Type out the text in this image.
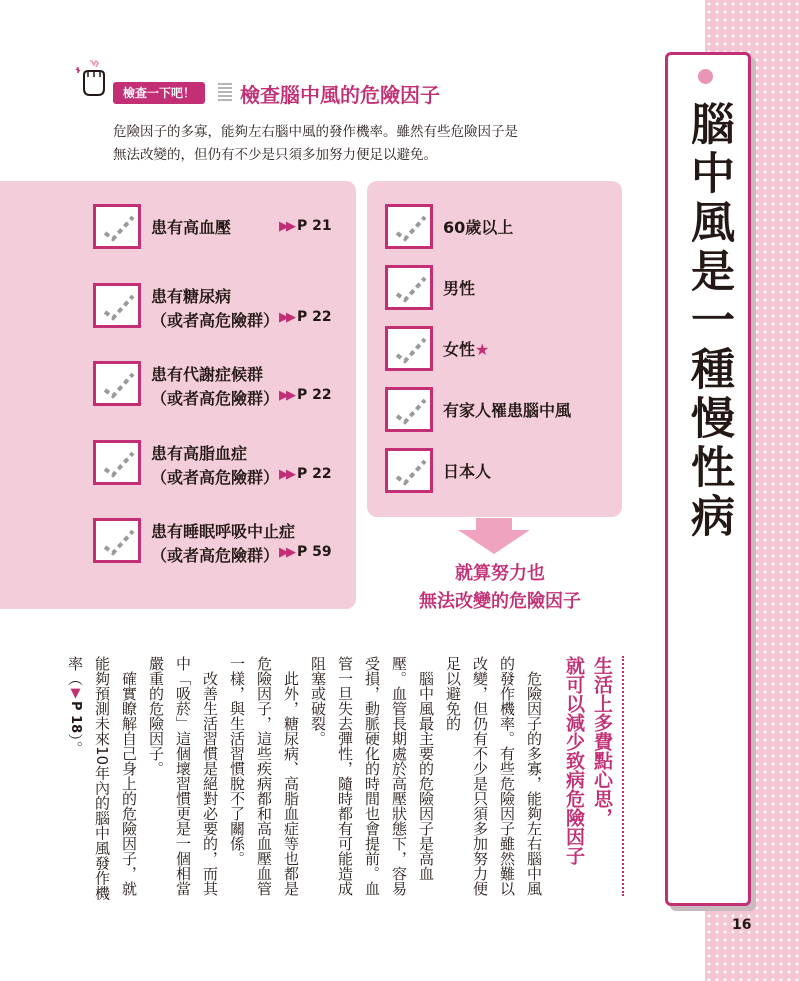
腦中風是一種慢性病
16
檢查一下吧！	檢查腦中風的危險因子
危險因子的多寡，能夠左右腦中風的發作機率。雖然有些危險因子是
無法改變的，但仍有不少是只須多加努力便足以避免。
患有高血壓	▶▶ P 21
患有糖尿病
（或者高危險群） ▶▶ P 22
患有代謝症候群
（或者高危險群） ▶▶ P 22
患有高脂血症
（或者高危險群） ▶▶ P 22
患有睡眠呼吸中止症
（或者高危險群） ▶▶ P 59
60歲以上
男性
女性★
有家人罹患腦中風
日本人
就算努力也
無法改變的危險因子
生活上多費點心思，
就可以減少致病危險因子
　危險因子的多寡，能夠左右腦中風
的發作機率。有些危險因子雖然難以
改變，但仍有不少是只須多加努力便
足以避免的
　腦中風最主要的危險因子是高血
壓。血管長期處於高壓狀態下，容易
受損，動脈硬化的時間也會提前。血
管一旦失去彈性，隨時都有可能造成
阻塞或破裂。
　此外，糖尿病、高脂血症等也都是
危險因子，這些疾病都和高血壓血管
一樣，與生活習慣脫不了關係。
　改善生活習慣是絕對必要的，而其
中「吸菸」這個壞習慣更是一個相當
嚴重的危險因子。
　確實瞭解自己身上的危險因子，就
能夠預測未來10年內的腦中風發作機
率（▼P 18）。
